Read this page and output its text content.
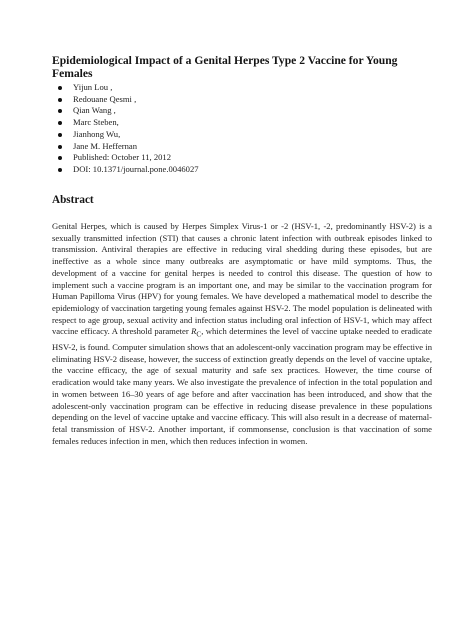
Epidemiological Impact of a Genital Herpes Type 2 Vaccine for Young Females
Yijun Lou ,
Redouane Qesmi ,
Qian Wang ,
Marc Steben,
Jianhong Wu,
Jane M. Heffernan
Published: October 11, 2012
DOI: 10.1371/journal.pone.0046027
Abstract

Genital Herpes, which is caused by Herpes Simplex Virus-1 or -2 (HSV-1, -2, predominantly HSV-2) is a sexually transmitted infection (STI) that causes a chronic latent infection with outbreak episodes linked to transmission. Antiviral therapies are effective in reducing viral shedding during these episodes, but are ineffective as a whole since many outbreaks are asymptomatic or have mild symptoms. Thus, the development of a vaccine for genital herpes is needed to control this disease. The question of how to implement such a vaccine program is an important one, and may be similar to the vaccination program for Human Papilloma Virus (HPV) for young females. We have developed a mathematical model to describe the epidemiology of vaccination targeting young females against HSV-2. The model population is delineated with respect to age group, sexual activity and infection status including oral infection of HSV-1, which may affect vaccine efficacy. A threshold parameter $R_C$, which determines the level of vaccine uptake needed to eradicate HSV-2, is found. Computer simulation shows that an adolescent-only vaccination program may be effective in eliminating HSV-2 disease, however, the success of extinction greatly depends on the level of vaccine uptake, the vaccine efficacy, the age of sexual maturity and safe sex practices. However, the time course of eradication would take many years. We also investigate the prevalence of infection in the total population and in women between 16–30 years of age before and after vaccination has been introduced, and show that the adolescent-only vaccination program can be effective in reducing disease prevalence in these populations depending on the level of vaccine uptake and vaccine efficacy. This will also result in a decrease of maternal-fetal transmission of HSV-2. Another important, if commonsense, conclusion is that vaccination of some females reduces infection in men, which then reduces infection in women.
